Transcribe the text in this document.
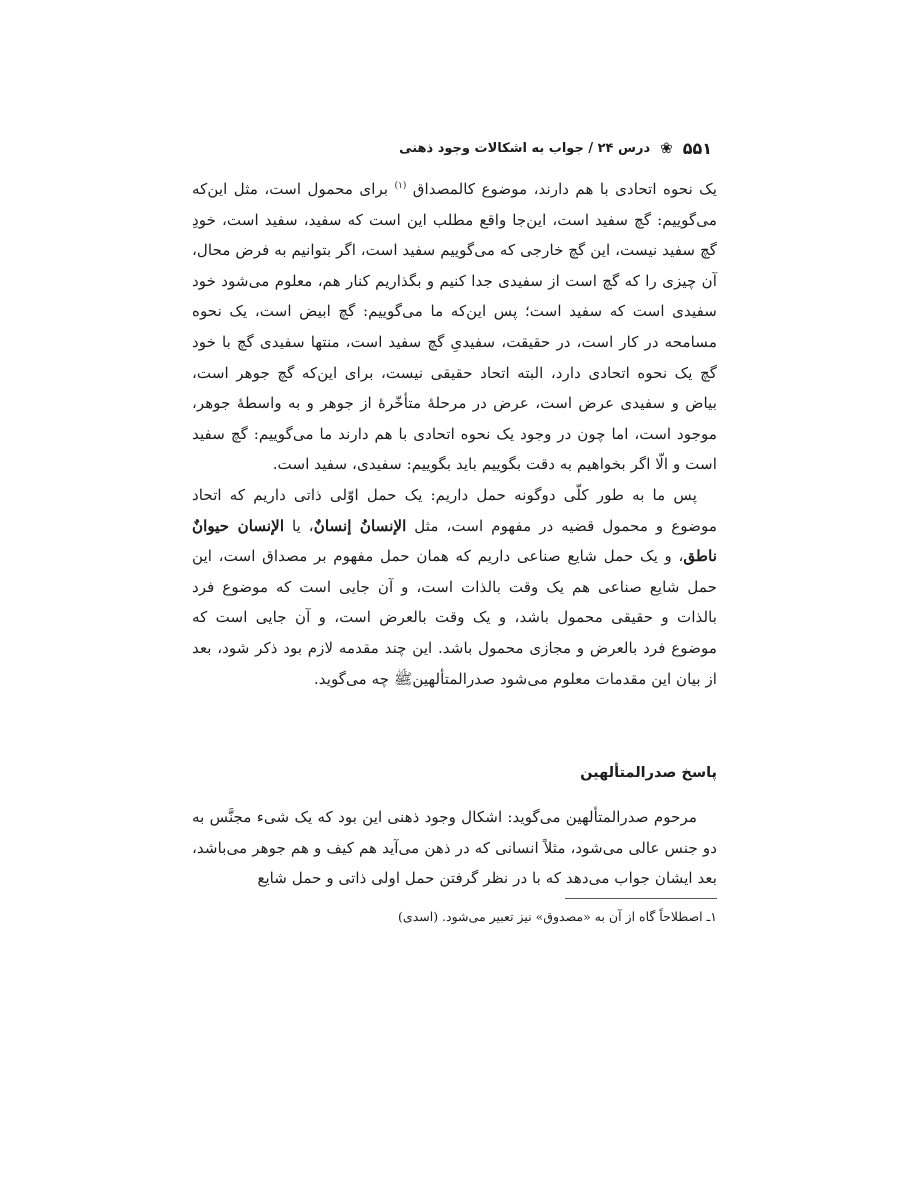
۵۵۱
❀
درس ۲۴ / جواب به اشکالات وجود ذهنی

یک نحوه اتحادی با هم دارند، موضوع کالمصداق $^{(۱)}$ برای محمول است، مثل این‌که می‌گوییم: گچ سفید است، این‌جا واقع مطلب این است که سفید، سفید است، خودِ گچ سفید نیست، این گچ خارجی که می‌گوییم سفید است، اگر بتوانیم به فرض محال، آن چیزی را که گچ است از سفیدی جدا کنیم و بگذاریم کنار هم، معلوم می‌شود خود سفیدی است که سفید است؛ پس این‌که ما می‌گوییم: گچ ابیض است، یک نحوه مسامحه در کار است، در حقیقت، سفیدیِ گچ سفید است، منتها سفیدی گچ با خود گچ یک نحوه اتحادی دارد، البته اتحاد حقیقی نیست، برای این‌که گچ جوهر است، بیاض و سفیدی عرض است، عرض در مرحلهٔ متأخّرهٔ از جوهر و به واسطهٔ جوهر، موجود است، اما چون در وجود یک نحوه اتحادی با هم دارند ما می‌گوییم: گچ سفید است و الّا اگر بخواهیم به دقت بگوییم باید بگوییم: سفیدی، سفید است.

پس ما به طور کلّی دوگونه حمل داریم: یک حمل اوّلی ذاتی داریم که اتحاد موضوع و محمول قضیه در مفهوم است، مثل الإنسانُ إنسانٌ، یا الإنسان حیوانٌ ناطق، و یک حمل شایع صناعی داریم که همان حمل مفهوم بر مصداق است، این حمل شایع صناعی هم یک وقت بالذات است، و آن جایی است که موضوع فرد بالذات و حقیقی محمول باشد، و یک وقت بالعرض است، و آن جایی است که موضوع فرد بالعرض و مجازی محمول باشد. این چند مقدمه لازم بود ذکر شود، بعد از بیان این مقدمات معلوم می‌شود صدرالمتألهین‌ﷺ چه می‌گوید.

پاسخ صدرالمتألهین

مرحوم صدرالمتألهین می‌گوید: اشکال وجود ذهنی این بود که یک شیء مجنَّس به دو جنس عالی می‌شود، مثلاً انسانی که در ذهن می‌آید هم کیف و هم جوهر می‌باشد، بعد ایشان جواب می‌دهد که با در نظر گرفتن حمل اولی ذاتی و حمل شایع

۱ـ اصطلاحاً گاه از آن به «مصدوق» نیز تعبیر می‌شود. (اسدی)
